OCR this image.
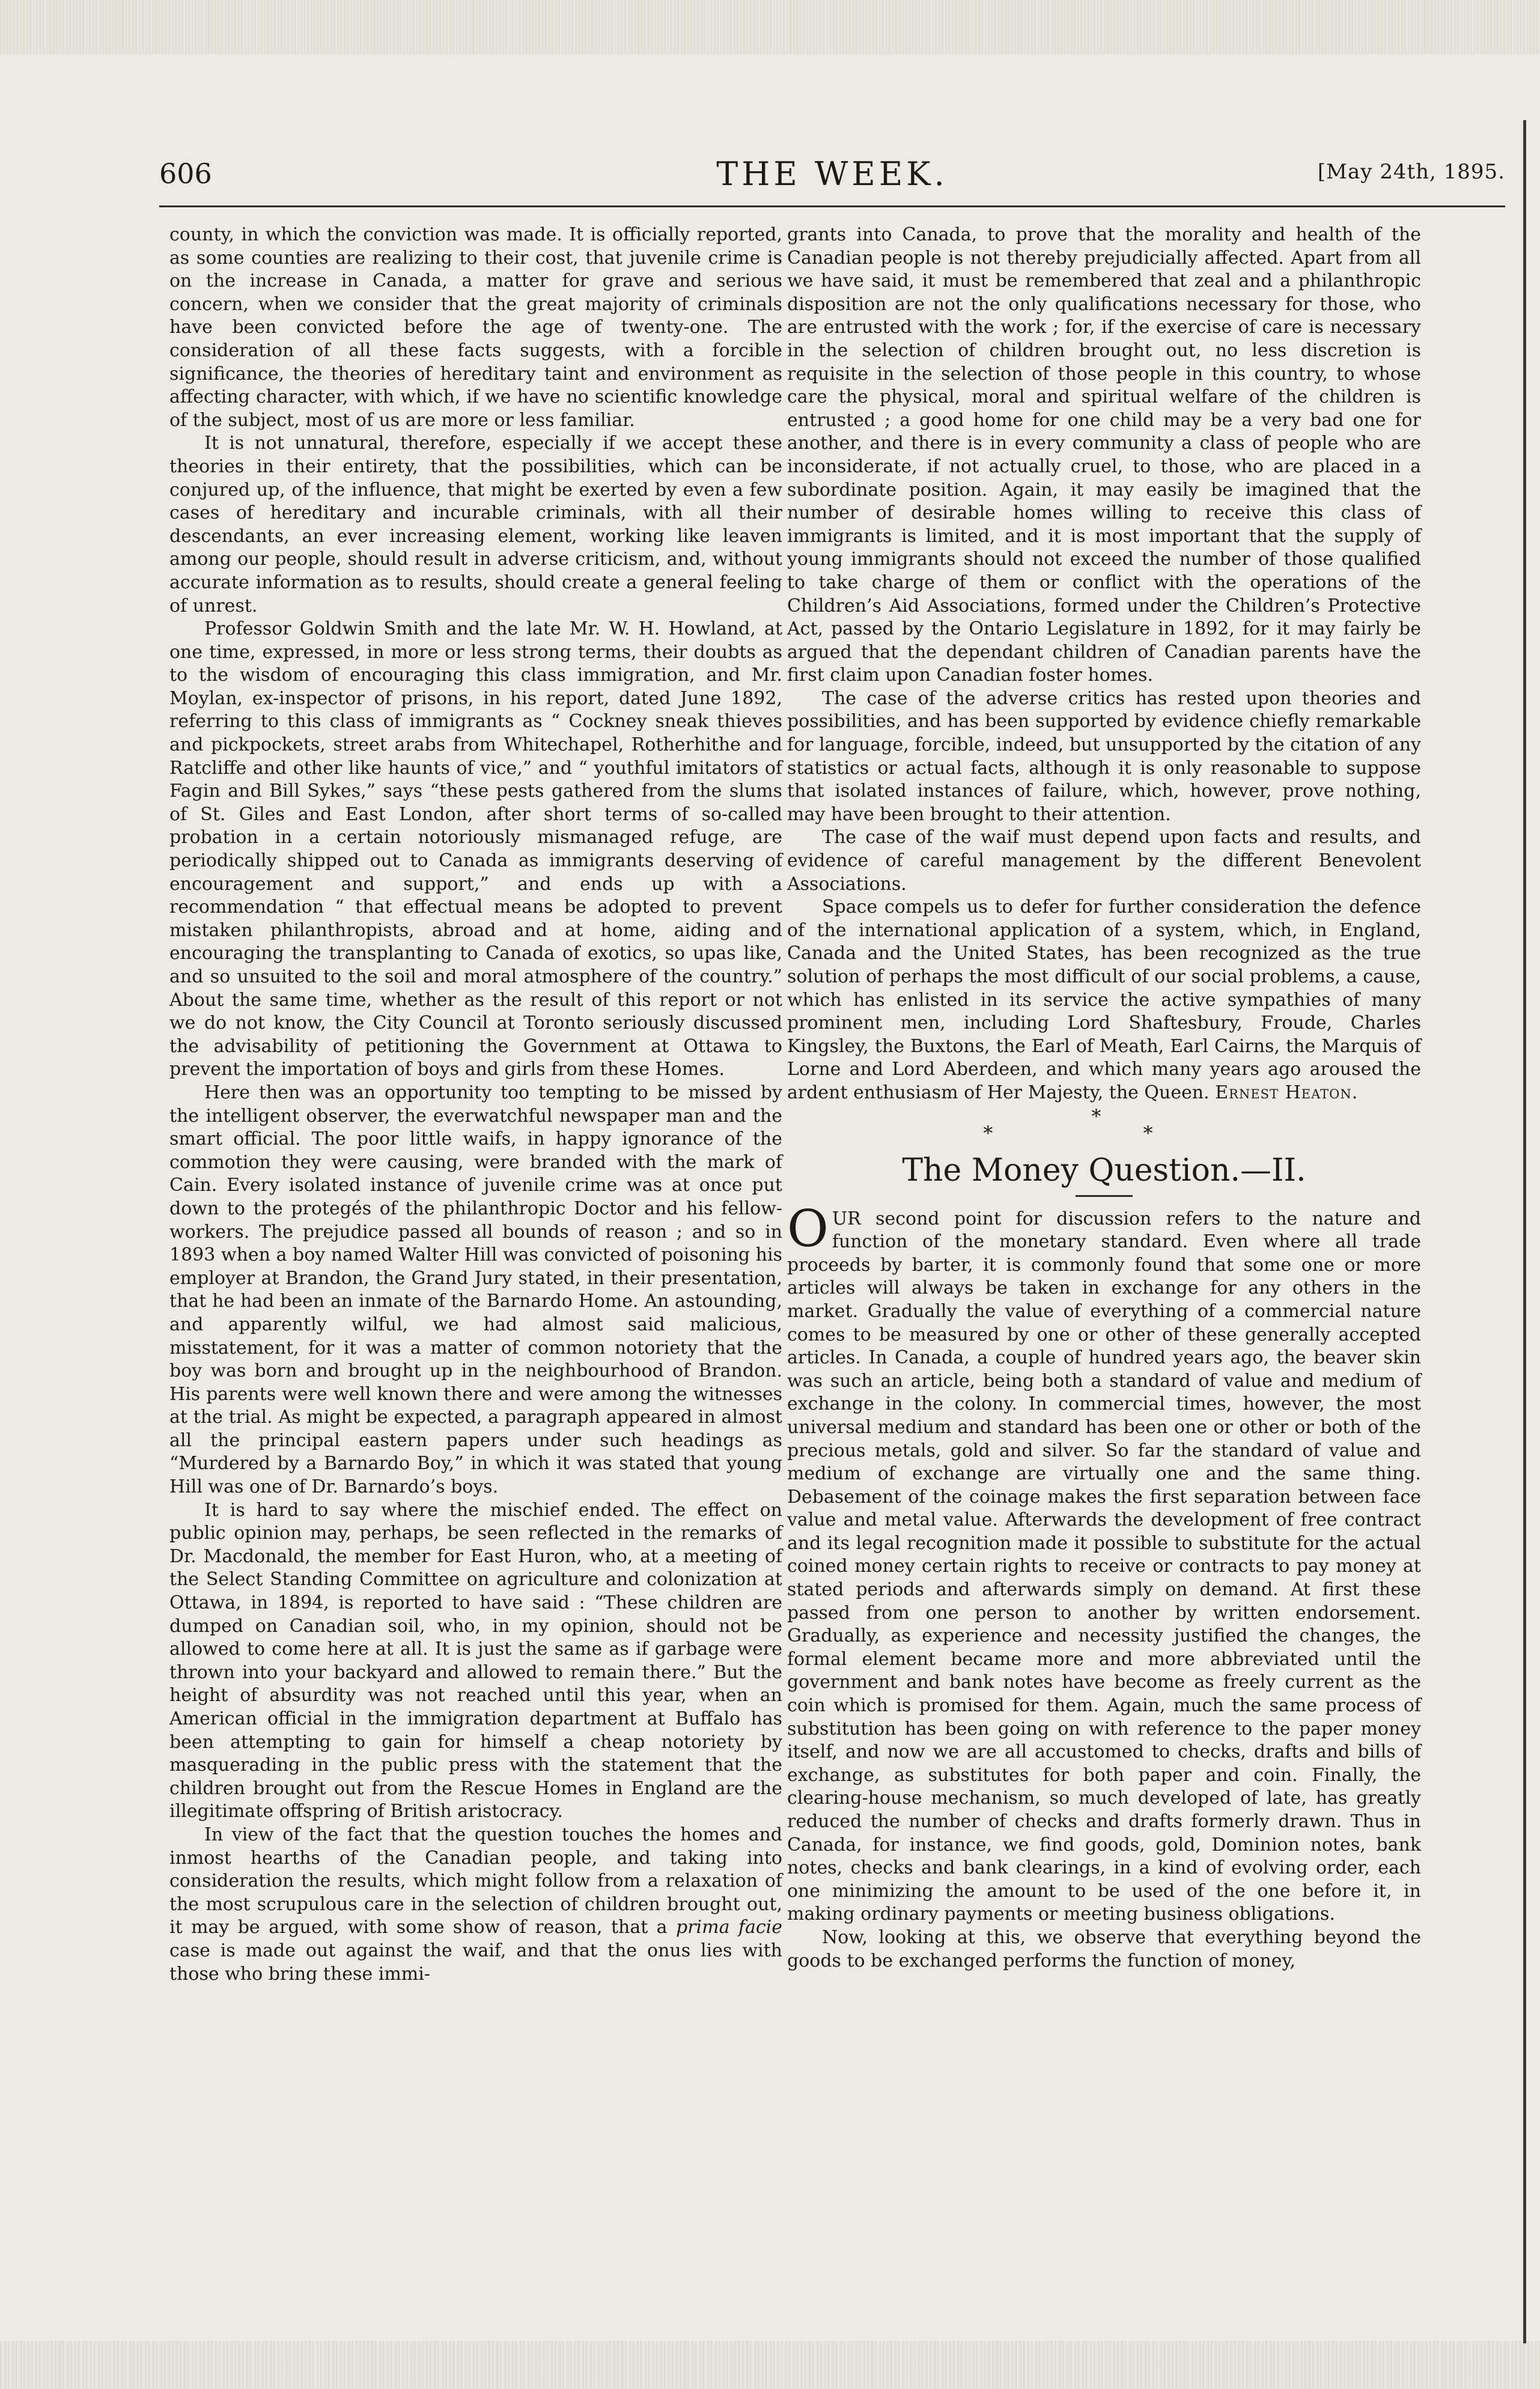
606	THE WEEK.	[May 24th, 1895.

county, in which the conviction was made. It is officially reported, as some counties are realizing to their cost, that juvenile crime is on the increase in Canada, a matter for grave and serious concern, when we consider that the great majority of criminals have been convicted before the age of twenty-one. The consideration of all these facts suggests, with a forcible significance, the theories of hereditary taint and environment as affecting character, with which, if we have no scientific knowledge of the subject, most of us are more or less familiar.

It is not unnatural, therefore, especially if we accept these theories in their entirety, that the possibilities, which can be conjured up, of the influence, that might be exerted by even a few cases of hereditary and incurable criminals, with all their descendants, an ever increasing element, working like leaven among our people, should result in adverse criticism, and, without accurate information as to results, should create a general feeling of unrest.

Professor Goldwin Smith and the late Mr. W. H. Howland, at one time, expressed, in more or less strong terms, their doubts as to the wisdom of encouraging this class immigration, and Mr. Moylan, ex-inspector of prisons, in his report, dated June 1892, referring to this class of immigrants as “ Cockney sneak thieves and pickpockets, street arabs from Whitechapel, Rotherhithe and Ratcliffe and other like haunts of vice,” and “ youthful imitators of Fagin and Bill Sykes,” says “these pests gathered from the slums of St. Giles and East London, after short terms of so-called probation in a certain notoriously mismanaged refuge, are periodically shipped out to Canada as immigrants deserving of encouragement and support,” and ends up with a recommendation “ that effectual means be adopted to prevent mistaken philanthropists, abroad and at home, aiding and encouraging the transplanting to Canada of exotics, so upas like, and so unsuited to the soil and moral atmosphere of the country.” About the same time, whether as the result of this report or not we do not know, the City Council at Toronto seriously discussed the advisability of petitioning the Government at Ottawa to prevent the importation of boys and girls from these Homes.

Here then was an opportunity too tempting to be missed by the intelligent observer, the everwatchful newspaper man and the smart official. The poor little waifs, in happy ignorance of the commotion they were causing, were branded with the mark of Cain. Every isolated instance of juvenile crime was at once put down to the protegés of the philanthropic Doctor and his fellow-workers. The prejudice passed all bounds of reason ; and so in 1893 when a boy named Walter Hill was convicted of poisoning his employer at Brandon, the Grand Jury stated, in their presentation, that he had been an inmate of the Barnardo Home. An astounding, and apparently wilful, we had almost said malicious, misstatement, for it was a matter of common notoriety that the boy was born and brought up in the neighbourhood of Brandon. His parents were well known there and were among the witnesses at the trial. As might be expected, a paragraph appeared in almost all the principal eastern papers under such headings as “Murdered by a Barnardo Boy,” in which it was stated that young Hill was one of Dr. Barnardo’s boys.

It is hard to say where the mischief ended. The effect on public opinion may, perhaps, be seen reflected in the remarks of Dr. Macdonald, the member for East Huron, who, at a meeting of the Select Standing Committee on agriculture and colonization at Ottawa, in 1894, is reported to have said : “These children are dumped on Canadian soil, who, in my opinion, should not be allowed to come here at all. It is just the same as if garbage were thrown into your backyard and allowed to remain there.” But the height of absurdity was not reached until this year, when an American official in the immigration department at Buffalo has been attempting to gain for himself a cheap notoriety by masquerading in the public press with the statement that the children brought out from the Rescue Homes in England are the illegitimate offspring of British aristocracy.

In view of the fact that the question touches the homes and inmost hearths of the Canadian people, and taking into consideration the results, which might follow from a relaxation of the most scrupulous care in the selection of children brought out, it may be argued, with some show of reason, that a prima facie case is made out against the waif, and that the onus lies with those who bring these immi-

grants into Canada, to prove that the morality and health of the Canadian people is not thereby prejudicially affected. Apart from all we have said, it must be remembered that zeal and a philanthropic disposition are not the only qualifications necessary for those, who are entrusted with the work ; for, if the exercise of care is necessary in the selection of children brought out, no less discretion is requisite in the selection of those people in this country, to whose care the physical, moral and spiritual welfare of the children is entrusted ; a good home for one child may be a very bad one for another, and there is in every community a class of people who are inconsiderate, if not actually cruel, to those, who are placed in a subordinate position. Again, it may easily be imagined that the number of desirable homes willing to receive this class of immigrants is limited, and it is most important that the supply of young immigrants should not exceed the number of those qualified to take charge of them or conflict with the operations of the Children’s Aid Associations, formed under the Children’s Protective Act, passed by the Ontario Legislature in 1892, for it may fairly be argued that the dependant children of Canadian parents have the first claim upon Canadian foster homes.

The case of the adverse critics has rested upon theories and possibilities, and has been supported by evidence chiefly remarkable for language, forcible, indeed, but unsupported by the citation of any statistics or actual facts, although it is only reasonable to suppose that isolated instances of failure, which, however, prove nothing, may have been brought to their attention.

The case of the waif must depend upon facts and results, and evidence of careful management by the different Benevolent Associations.

Space compels us to defer for further consideration the defence of the international application of a system, which, in England, Canada and the United States, has been recognized as the true solution of perhaps the most difficult of our social problems, a cause, which has enlisted in its service the active sympathies of many prominent men, including Lord Shaftesbury, Froude, Charles Kingsley, the Buxtons, the Earl of Meath, Earl Cairns, the Marquis of Lorne and Lord Aberdeen, and which many years ago aroused the ardent enthusiasm of Her Majesty, the Queen. Ernest Heaton.

*
* *
The Money Question.—II.

OUR second point for discussion refers to the nature and function of the monetary standard. Even where all trade proceeds by barter, it is commonly found that some one or more articles will always be taken in exchange for any others in the market. Gradually the value of everything of a commercial nature comes to be measured by one or other of these generally accepted articles. In Canada, a couple of hundred years ago, the beaver skin was such an article, being both a standard of value and medium of exchange in the colony. In commercial times, however, the most universal medium and standard has been one or other or both of the precious metals, gold and silver. So far the standard of value and medium of exchange are virtually one and the same thing. Debasement of the coinage makes the first separation between face value and metal value. Afterwards the development of free contract and its legal recognition made it possible to substitute for the actual coined money certain rights to receive or contracts to pay money at stated periods and afterwards simply on demand. At first these passed from one person to another by written endorsement. Gradually, as experience and necessity justified the changes, the formal element became more and more abbreviated until the government and bank notes have become as freely current as the coin which is promised for them. Again, much the same process of substitution has been going on with reference to the paper money itself, and now we are all accustomed to checks, drafts and bills of exchange, as substitutes for both paper and coin. Finally, the clearing-house mechanism, so much developed of late, has greatly reduced the number of checks and drafts formerly drawn. Thus in Canada, for instance, we find goods, gold, Dominion notes, bank notes, checks and bank clearings, in a kind of evolving order, each one minimizing the amount to be used of the one before it, in making ordinary payments or meeting business obligations.

Now, looking at this, we observe that everything beyond the goods to be exchanged performs the function of money,
